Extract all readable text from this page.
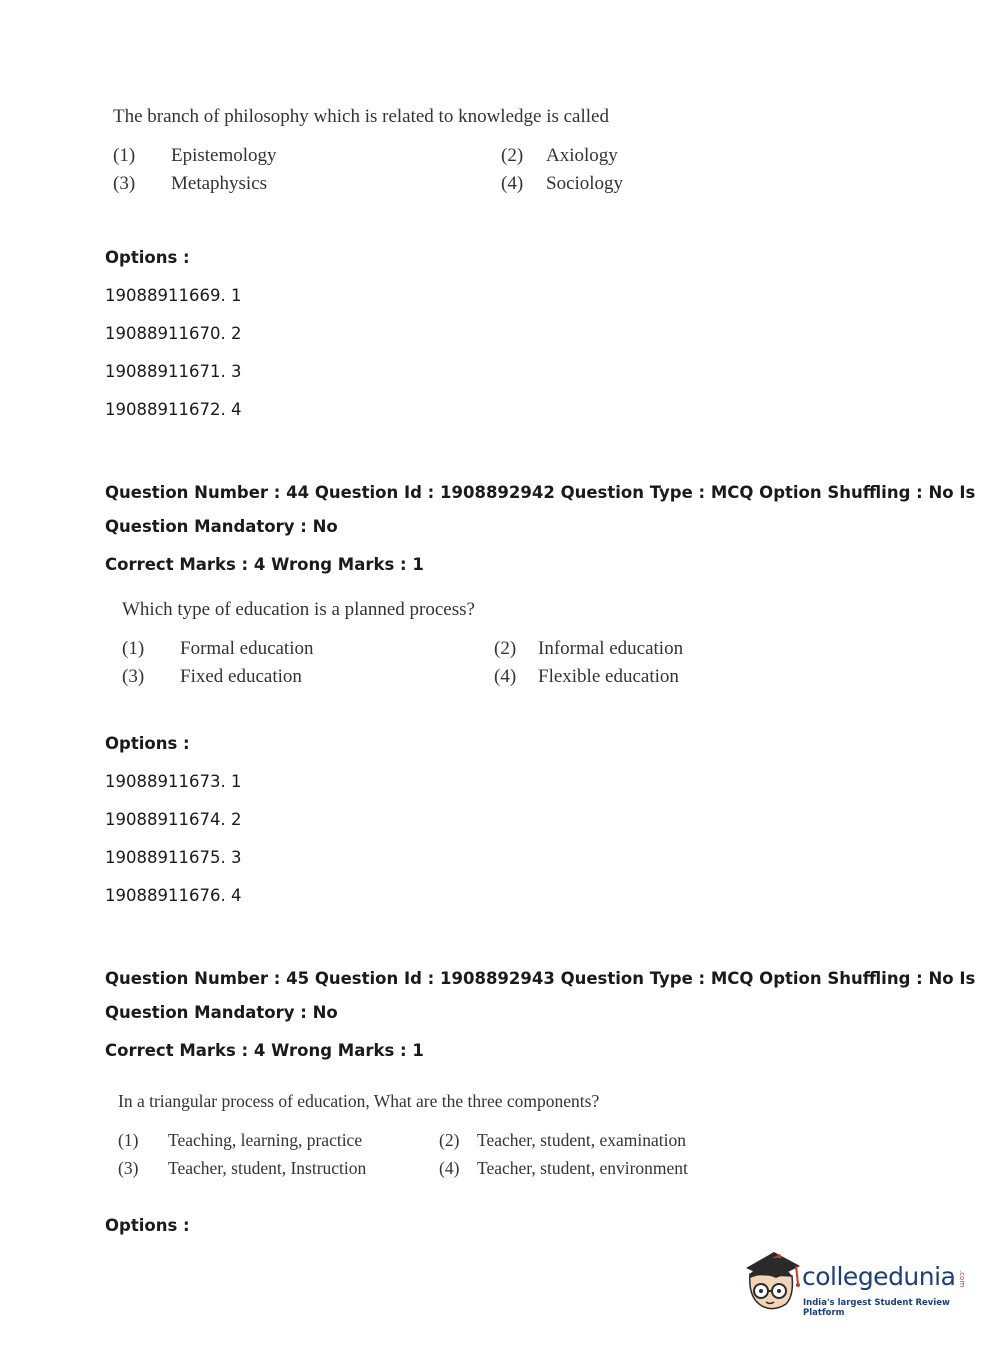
The branch of philosophy which is related to knowledge is called
(1) Epistemology	(2) Axiology
(3) Metaphysics	(4) Sociology
Options :
19088911669. 1
19088911670. 2
19088911671. 3
19088911672. 4
Question Number : 44 Question Id : 1908892942 Question Type : MCQ Option Shuffling : No Is
Question Mandatory : No
Correct Marks : 4 Wrong Marks : 1
Which type of education is a planned process?
(1) Formal education	(2) Informal education
(3) Fixed education	(4) Flexible education
Options :
19088911673. 1
19088911674. 2
19088911675. 3
19088911676. 4
Question Number : 45 Question Id : 1908892943 Question Type : MCQ Option Shuffling : No Is
Question Mandatory : No
Correct Marks : 4 Wrong Marks : 1
In a triangular process of education, What are the three components?
(1) Teaching, learning, practice	(2) Teacher, student, examination
(3) Teacher, student, Instruction	(4) Teacher, student, environment
Options :
collegedunia .com
India's largest Student Review Platform
